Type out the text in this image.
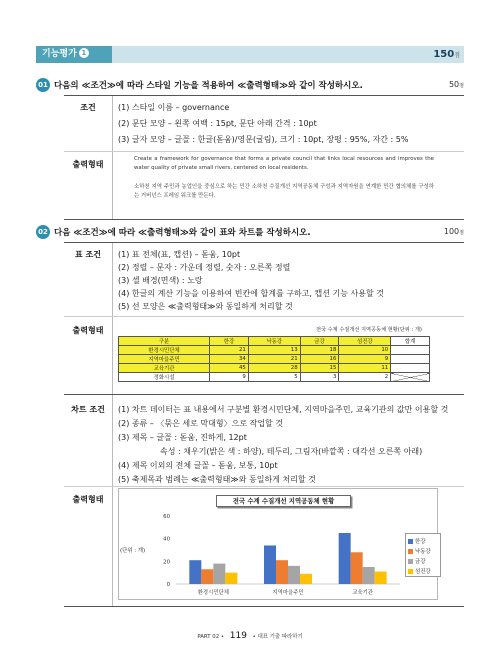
기능평가 1	150점
01 다음의 ≪조건≫에 따라 스타일 기능을 적용하여 ≪출력형태≫와 같이 작성하시오.	50점
조건	(1) 스타일 이름 – governance
(2) 문단 모양 – 왼쪽 여백 : 15pt, 문단 아래 간격 : 10pt
(3) 글자 모양 – 글꼴 : 한글(돋움)/영문(굴림), 크기 : 10pt, 장평 : 95%, 자간 : 5%
출력형태
Create a framework for governance that forms a private council that links local resources and improves the water quality of private small rivers, centered on local residents.
소하천 지역 주민과 농업인을 중심으로 하는 민간 소하천 수질개선 지역공동체 구성과 지역자원을 연계한 민간 협의체를 구성하는 거버넌스 프레임 워크를 만든다.
02 다음 ≪조건≫에 따라 ≪출력형태≫와 같이 표와 차트를 작성하시오.	100점
표 조건	(1) 표 전체(표, 캡션) – 돋움, 10pt
(2) 정렬 – 문자 : 가운데 정렬, 숫자 : 오른쪽 정렬
(3) 셀 배경(면색) : 노랑
(4) 한글의 계산 기능을 이용하여 빈칸에 합계를 구하고, 캡션 기능 사용할 것
(5) 선 모양은 ≪출력형태≫와 동일하게 처리할 것
출력형태	전국 수계 수질개선 지역공동체 현황(단위 : 개)
구분	한강	낙동강	금강	섬진강	합계
환경시민단체	21	13	18	10	
지역마을주민	34	21	16	9	
교육기관	45	28	15	11	
정화시설	9	5	3	2	
차트 조건	(1) 차트 데이터는 표 내용에서 구분별 환경시민단체, 지역마을주민, 교육기관의 값만 이용할 것
(2) 종류 – 〈묶은 세로 막대형〉으로 작업할 것
(3) 제목 – 글꼴 : 돋움, 진하게, 12pt
속성 : 채우기(밝은 색 : 하양), 테두리, 그림자(바깥쪽 : 대각선 오른쪽 아래)
(4) 제목 이외의 전체 글꼴 – 돋움, 보통, 10pt
(5) 축제목과 범례는 ≪출력형태≫와 동일하게 처리할 것
출력형태
0
20
40
60
환경시민단체	지역마을주민	교육기관
전국 수계 수질개선 지역공동체 현황
(단위 : 개)
한강
낙동강
금강
섬진강
PART 02 • 119 • 대표 기출 따라하기
